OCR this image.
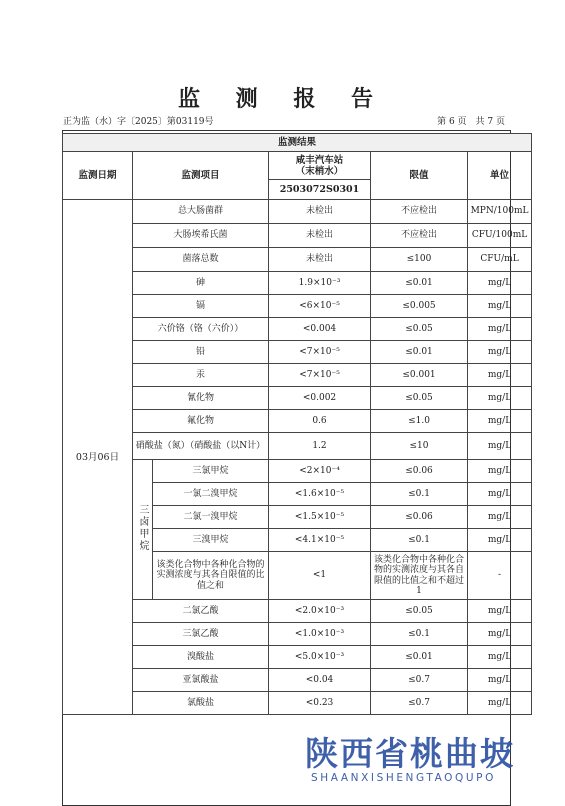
监 测 报 告
正为监（水）字〔2025〕第03119号	第 6 页　共 7 页
监测结果					
监测日期	监测项目		咸丰汽车站
（末梢水）	限值	单位
			2503072S0301		
03月06日	总大肠菌群		未检出	不应检出	MPN/100mL
	大肠埃希氏菌		未检出	不应检出	CFU/100mL
	菌落总数		未检出	≤100	CFU/mL
	砷		1.9×10⁻³	≤0.01	mg/L
	镉		<6×10⁻⁵	≤0.005	mg/L
	六价铬（铬（六价））		<0.004	≤0.05	mg/L
	铅		<7×10⁻⁵	≤0.01	mg/L
	汞		<7×10⁻⁵	≤0.001	mg/L
	氰化物		<0.002	≤0.05	mg/L
	氟化物		0.6	≤1.0	mg/L
	硝酸盐（氮）（硝酸盐（以N计）		1.2	≤10	mg/L
	三卤甲烷	三氯甲烷	<2×10⁻⁴	≤0.06	mg/L
		一氯二溴甲烷	<1.6×10⁻⁵	≤0.1	mg/L
		二氯一溴甲烷	<1.5×10⁻⁵	≤0.06	mg/L
		三溴甲烷	<4.1×10⁻⁵	≤0.1	mg/L
		该类化合物中各种化合物的实测浓度与其各自限值的比值之和	<1	该类化合物中各种化合物的实测浓度与其各自限值的比值之和不超过1	-
	二氯乙酸		<2.0×10⁻³	≤0.05	mg/L
	三氯乙酸		<1.0×10⁻³	≤0.1	mg/L
	溴酸盐		<5.0×10⁻³	≤0.01	mg/L
	亚氯酸盐		<0.04	≤0.7	mg/L
	氯酸盐		<0.23	≤0.7	mg/L
陕西省桃曲坡
SHAANXISHENGTAOQUPO
